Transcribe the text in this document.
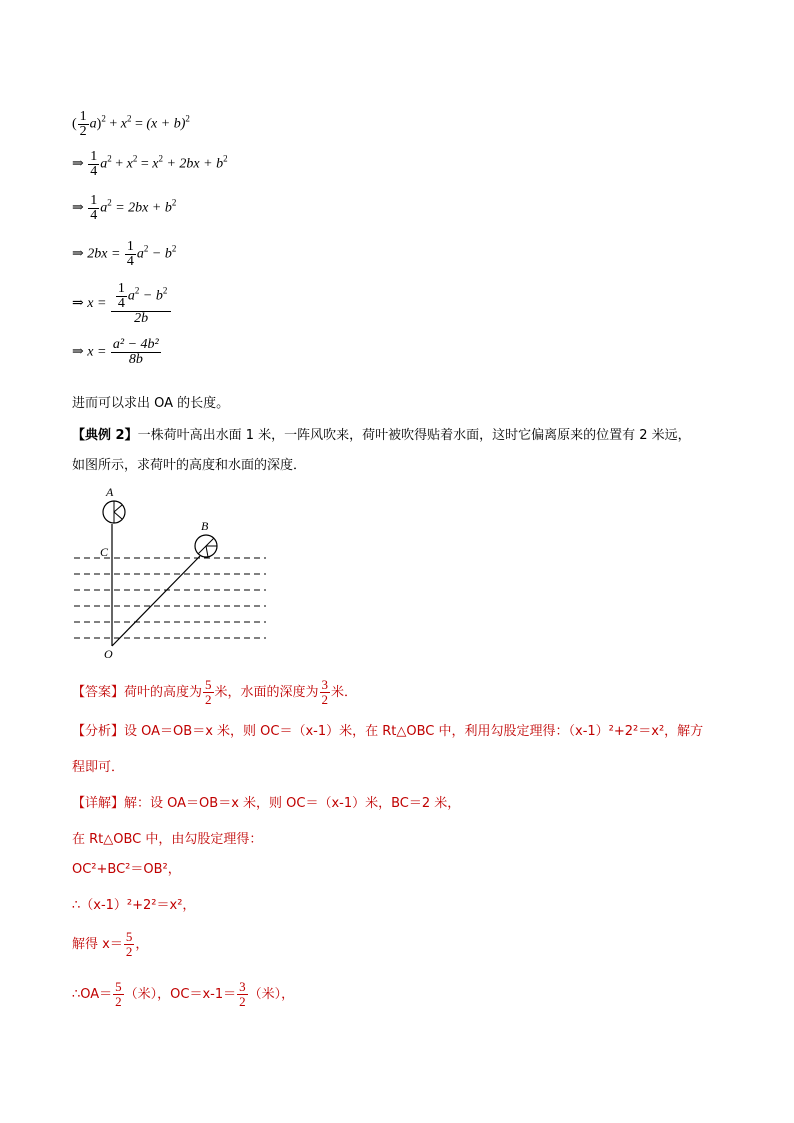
( $\frac{1}{2} a)^2 + x^2 = (x + b)^2$
⇒ $\frac{1}{4} a^2 + x^2 = x^2 + 2bx + b^2$
⇒ $\frac{1}{4} a^2 = 2bx + b^2$
⇒ $2bx = \frac{1}{4} a^2 - b^2$
⇒ $x = \frac{\frac{1}{4} a^2 - b^2}{2b}$
⇒ $x = \frac{\text{a² − 4b²}}{8b}$
进而可以求出 OA 的长度。
【典例 2】一株荷叶高出水面 1 米，一阵风吹来，荷叶被吹得贴着水面，这时它偏离原来的位置有 2 米远，
如图所示，求荷叶的高度和水面的深度．
A
B
C
O
【答案】荷叶的高度为 $\frac{5}{2}$ 米，水面的深度为 $\frac{3}{2}$ 米．
【分析】设 OA＝OB＝x 米，则 OC＝（x-1）米，在 Rt△OBC 中，利用勾股定理得：（x-1）²+2²＝x²，解方
程即可．
【详解】解：设 OA＝OB＝x 米，则 OC＝（x-1）米，BC＝2 米，
在 Rt△OBC 中，由勾股定理得：
OC²+BC²＝OB²，
∴（x-1）²+2²＝x²，
解得 $x= \frac{5}{2}$ ，
∴OA＝ $\frac{5}{2}$ （米），$OC=x-1= \frac{3}{2}$ （米），
